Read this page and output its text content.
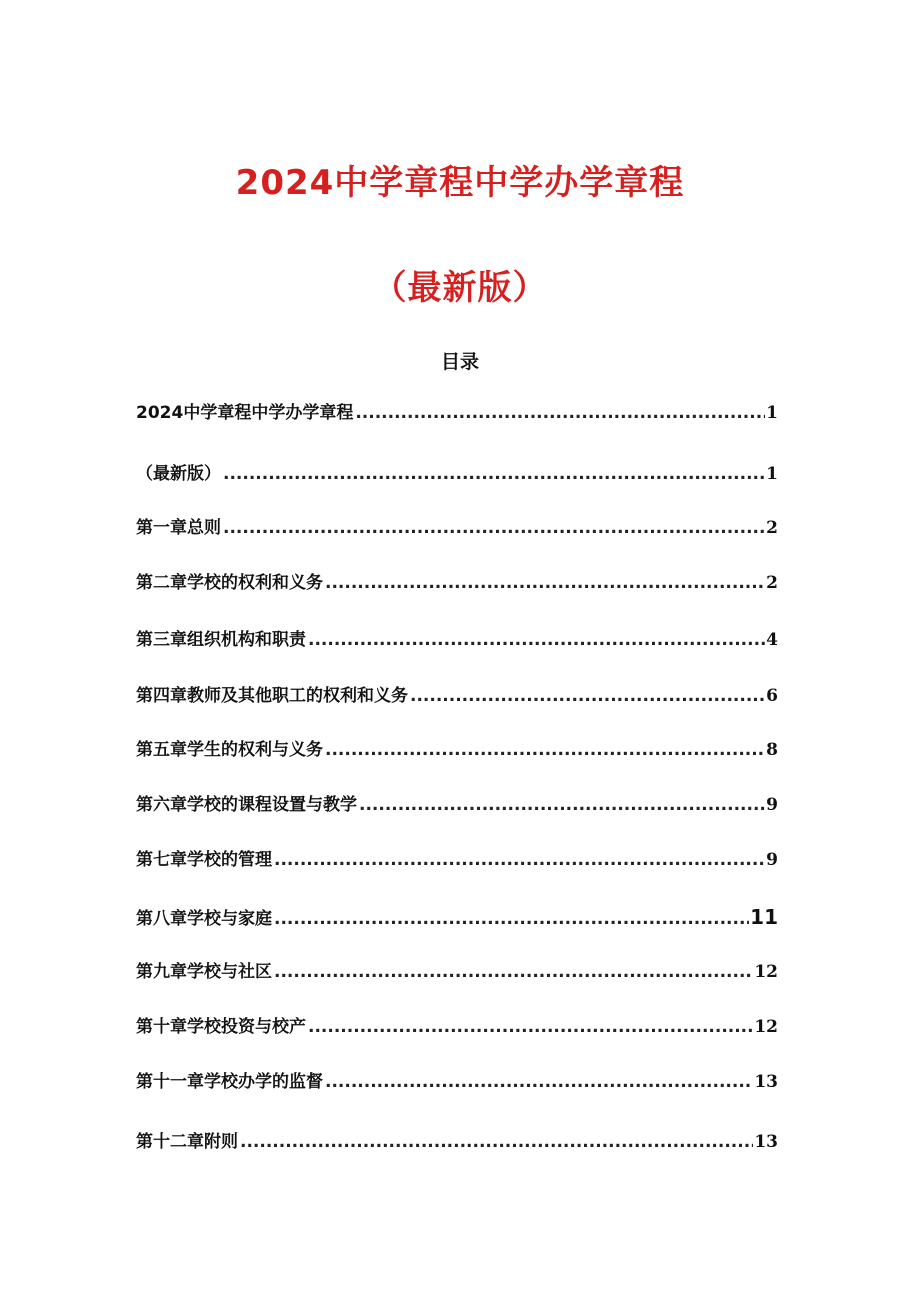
2024中学章程中学办学章程
（最新版）
目录
2024中学章程中学办学章程 .....	1
（最新版） .....	1
第一章总则 .....	2
第二章学校的权利和义务 .....	2
第三章组织机构和职责 .....	4
第四章教师及其他职工的权利和义务 .....	6
第五章学生的权利与义务 .....	8
第六章学校的课程设置与教学 .....	9
第七章学校的管理 .....	9
第八章学校与家庭 .....	11
第九章学校与社区 .....	12
第十章学校投资与校产 .....	12
第十一章学校办学的监督 .....	13
第十二章附则 .....	13
